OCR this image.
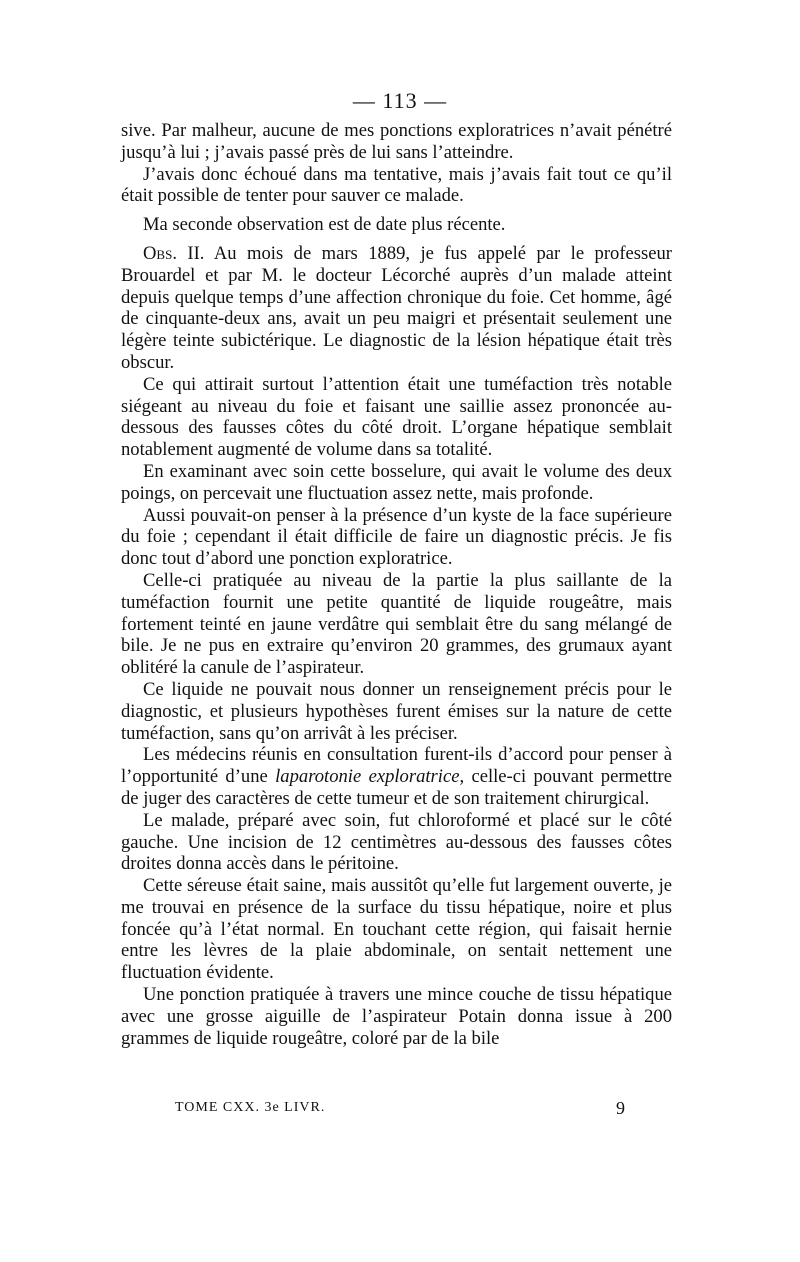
— 113 —

sive. Par malheur, aucune de mes ponctions exploratrices n’avait pénétré jusqu’à lui ; j’avais passé près de lui sans l’atteindre.

J’avais donc échoué dans ma tentative, mais j’avais fait tout ce qu’il était possible de tenter pour sauver ce malade.

Ma seconde observation est de date plus récente.

Obs. II. Au mois de mars 1889, je fus appelé par le professeur Brouardel et par M. le docteur Lécorché auprès d’un malade atteint depuis quelque temps d’une affection chronique du foie. Cet homme, âgé de cinquante-deux ans, avait un peu maigri et présentait seulement une légère teinte subictérique. Le diagnostic de la lésion hépatique était très obscur.

Ce qui attirait surtout l’attention était une tuméfaction très notable siégeant au niveau du foie et faisant une saillie assez prononcée au-dessous des fausses côtes du côté droit. L’organe hépatique semblait notablement augmenté de volume dans sa totalité.

En examinant avec soin cette bosselure, qui avait le volume des deux poings, on percevait une fluctuation assez nette, mais profonde.

Aussi pouvait-on penser à la présence d’un kyste de la face supérieure du foie ; cependant il était difficile de faire un diagnostic précis. Je fis donc tout d’abord une ponction exploratrice.

Celle-ci pratiquée au niveau de la partie la plus saillante de la tuméfaction fournit une petite quantité de liquide rougeâtre, mais fortement teinté en jaune verdâtre qui semblait être du sang mélangé de bile. Je ne pus en extraire qu’environ 20 grammes, des grumaux ayant oblitéré la canule de l’aspirateur.

Ce liquide ne pouvait nous donner un renseignement précis pour le diagnostic, et plusieurs hypothèses furent émises sur la nature de cette tuméfaction, sans qu’on arrivât à les préciser.

Les médecins réunis en consultation furent-ils d’accord pour penser à l’opportunité d’une laparotonie exploratrice, celle-ci pouvant permettre de juger des caractères de cette tumeur et de son traitement chirurgical.

Le malade, préparé avec soin, fut chloroformé et placé sur le côté gauche. Une incision de 12 centimètres au-dessous des fausses côtes droites donna accès dans le péritoine.

Cette séreuse était saine, mais aussitôt qu’elle fut largement ouverte, je me trouvai en présence de la surface du tissu hépatique, noire et plus foncée qu’à l’état normal. En touchant cette région, qui faisait hernie entre les lèvres de la plaie abdominale, on sentait nettement une fluctuation évidente.

Une ponction pratiquée à travers une mince couche de tissu hépatique avec une grosse aiguille de l’aspirateur Potain donna issue à 200 grammes de liquide rougeâtre, coloré par de la bile

TOME CXX. 3e LIVR.	9
